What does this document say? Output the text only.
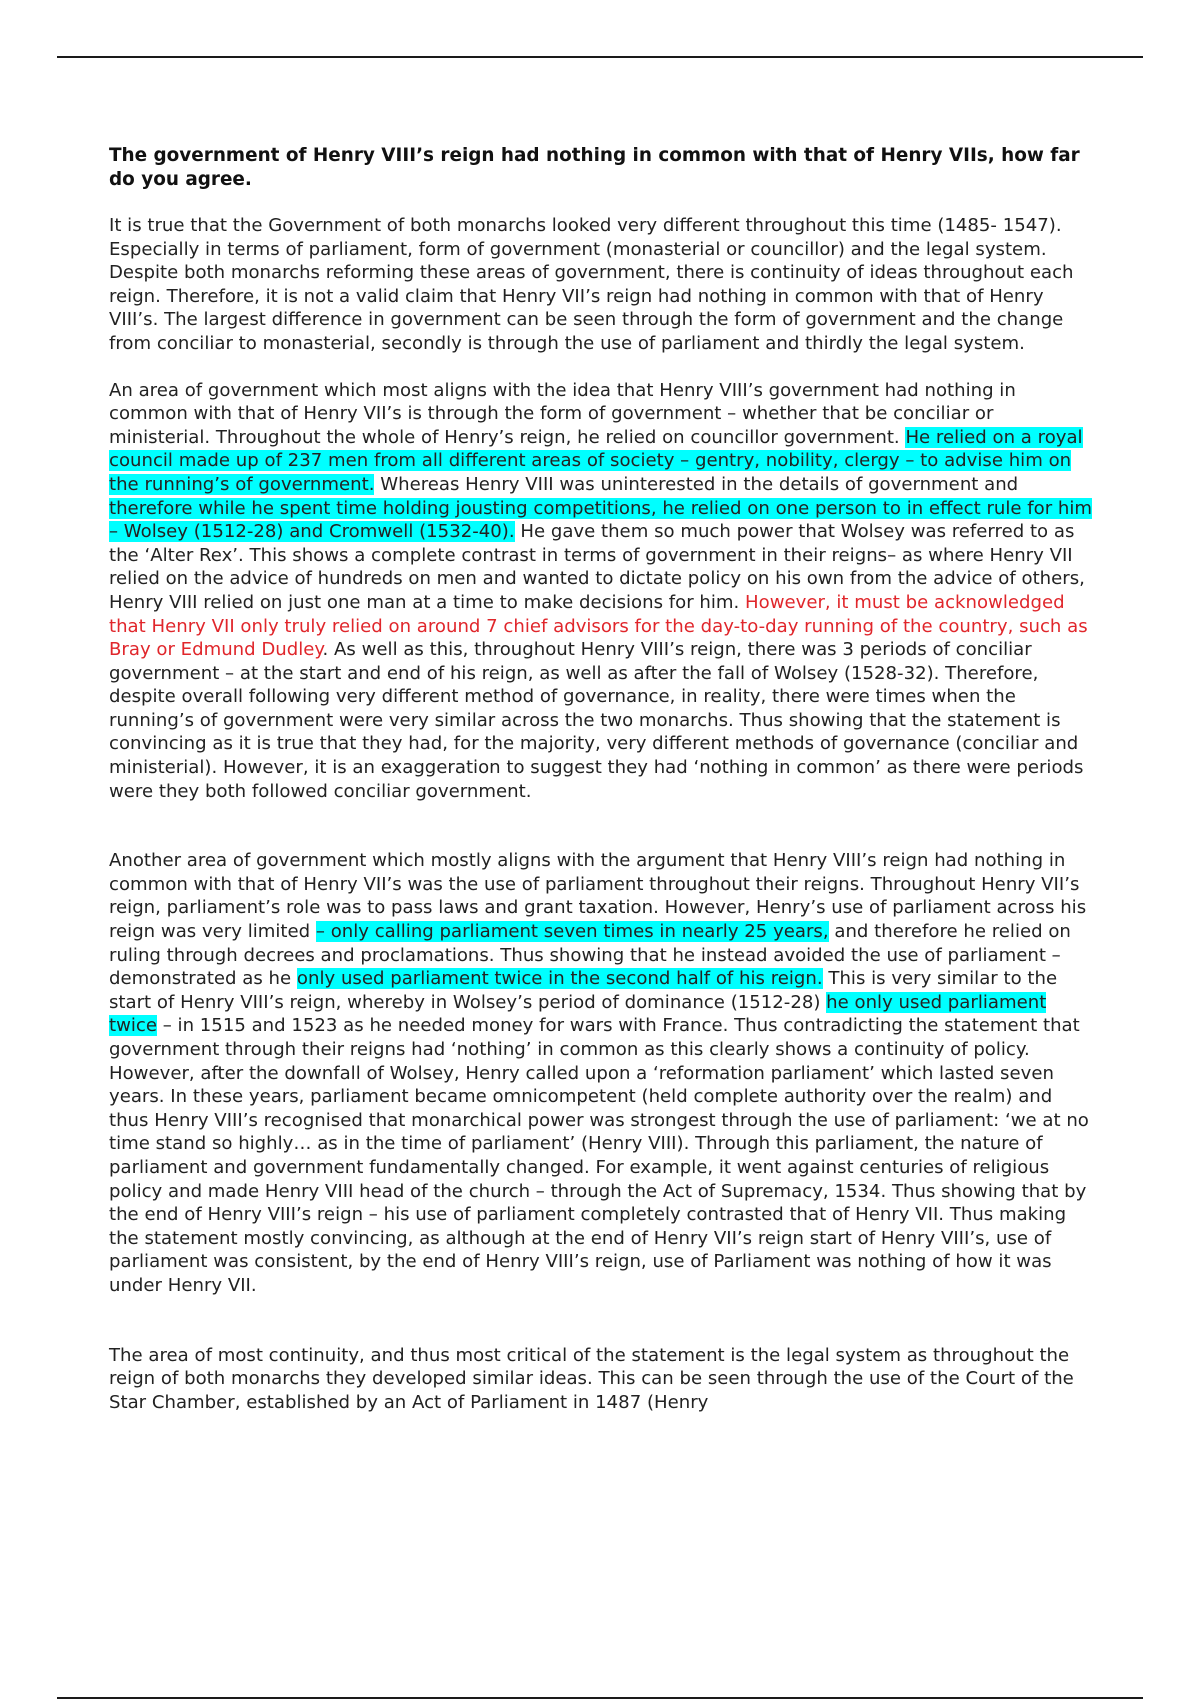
The government of Henry VIII’s reign had nothing in common with that of Henry VIIs, how far do you agree.

It is true that the Government of both monarchs looked very different throughout this time (1485- 1547). Especially in terms of parliament, form of government (monasterial or councillor) and the legal system. Despite both monarchs reforming these areas of government, there is continuity of ideas throughout each reign. Therefore, it is not a valid claim that Henry VII’s reign had nothing in common with that of Henry VIII’s. The largest difference in government can be seen through the form of government and the change from conciliar to monasterial, secondly is through the use of parliament and thirdly the legal system.

An area of government which most aligns with the idea that Henry VIII’s government had nothing in common with that of Henry VII’s is through the form of government – whether that be conciliar or ministerial. Throughout the whole of Henry’s reign, he relied on councillor government. He relied on a royal council made up of 237 men from all different areas of society – gentry, nobility, clergy – to advise him on the running’s of government. Whereas Henry VIII was uninterested in the details of government and therefore while he spent time holding jousting competitions, he relied on one person to in effect rule for him – Wolsey (1512-28) and Cromwell (1532-40). He gave them so much power that Wolsey was referred to as the ‘Alter Rex’. This shows a complete contrast in terms of government in their reigns– as where Henry VII relied on the advice of hundreds on men and wanted to dictate policy on his own from the advice of others, Henry VIII relied on just one man at a time to make decisions for him. However, it must be acknowledged that Henry VII only truly relied on around 7 chief advisors for the day-to-day running of the country, such as Bray or Edmund Dudley. As well as this, throughout Henry VIII’s reign, there was 3 periods of conciliar government – at the start and end of his reign, as well as after the fall of Wolsey (1528-32). Therefore, despite overall following very different method of governance, in reality, there were times when the running’s of government were very similar across the two monarchs. Thus showing that the statement is convincing as it is true that they had, for the majority, very different methods of governance (conciliar and ministerial). However, it is an exaggeration to suggest they had ‘nothing in common’ as there were periods were they both followed conciliar government.

Another area of government which mostly aligns with the argument that Henry VIII’s reign had nothing in common with that of Henry VII’s was the use of parliament throughout their reigns. Throughout Henry VII’s reign, parliament’s role was to pass laws and grant taxation. However, Henry’s use of parliament across his reign was very limited – only calling parliament seven times in nearly 25 years, and therefore he relied on ruling through decrees and proclamations. Thus showing that he instead avoided the use of parliament – demonstrated as he only used parliament twice in the second half of his reign. This is very similar to the start of Henry VIII’s reign, whereby in Wolsey’s period of dominance (1512-28) he only used parliament twice – in 1515 and 1523 as he needed money for wars with France. Thus contradicting the statement that government through their reigns had ‘nothing’ in common as this clearly shows a continuity of policy. However, after the downfall of Wolsey, Henry called upon a ‘reformation parliament’ which lasted seven years. In these years, parliament became omnicompetent (held complete authority over the realm) and thus Henry VIII’s recognised that monarchical power was strongest through the use of parliament: ‘we at no time stand so highly… as in the time of parliament’ (Henry VIII). Through this parliament, the nature of parliament and government fundamentally changed. For example, it went against centuries of religious policy and made Henry VIII head of the church – through the Act of Supremacy, 1534. Thus showing that by the end of Henry VIII’s reign – his use of parliament completely contrasted that of Henry VII. Thus making the statement mostly convincing, as although at the end of Henry VII’s reign start of Henry VIII’s, use of parliament was consistent, by the end of Henry VIII’s reign, use of Parliament was nothing of how it was under Henry VII.

The area of most continuity, and thus most critical of the statement is the legal system as throughout the reign of both monarchs they developed similar ideas. This can be seen through the use of the Court of the Star Chamber, established by an Act of Parliament in 1487 (Henry
